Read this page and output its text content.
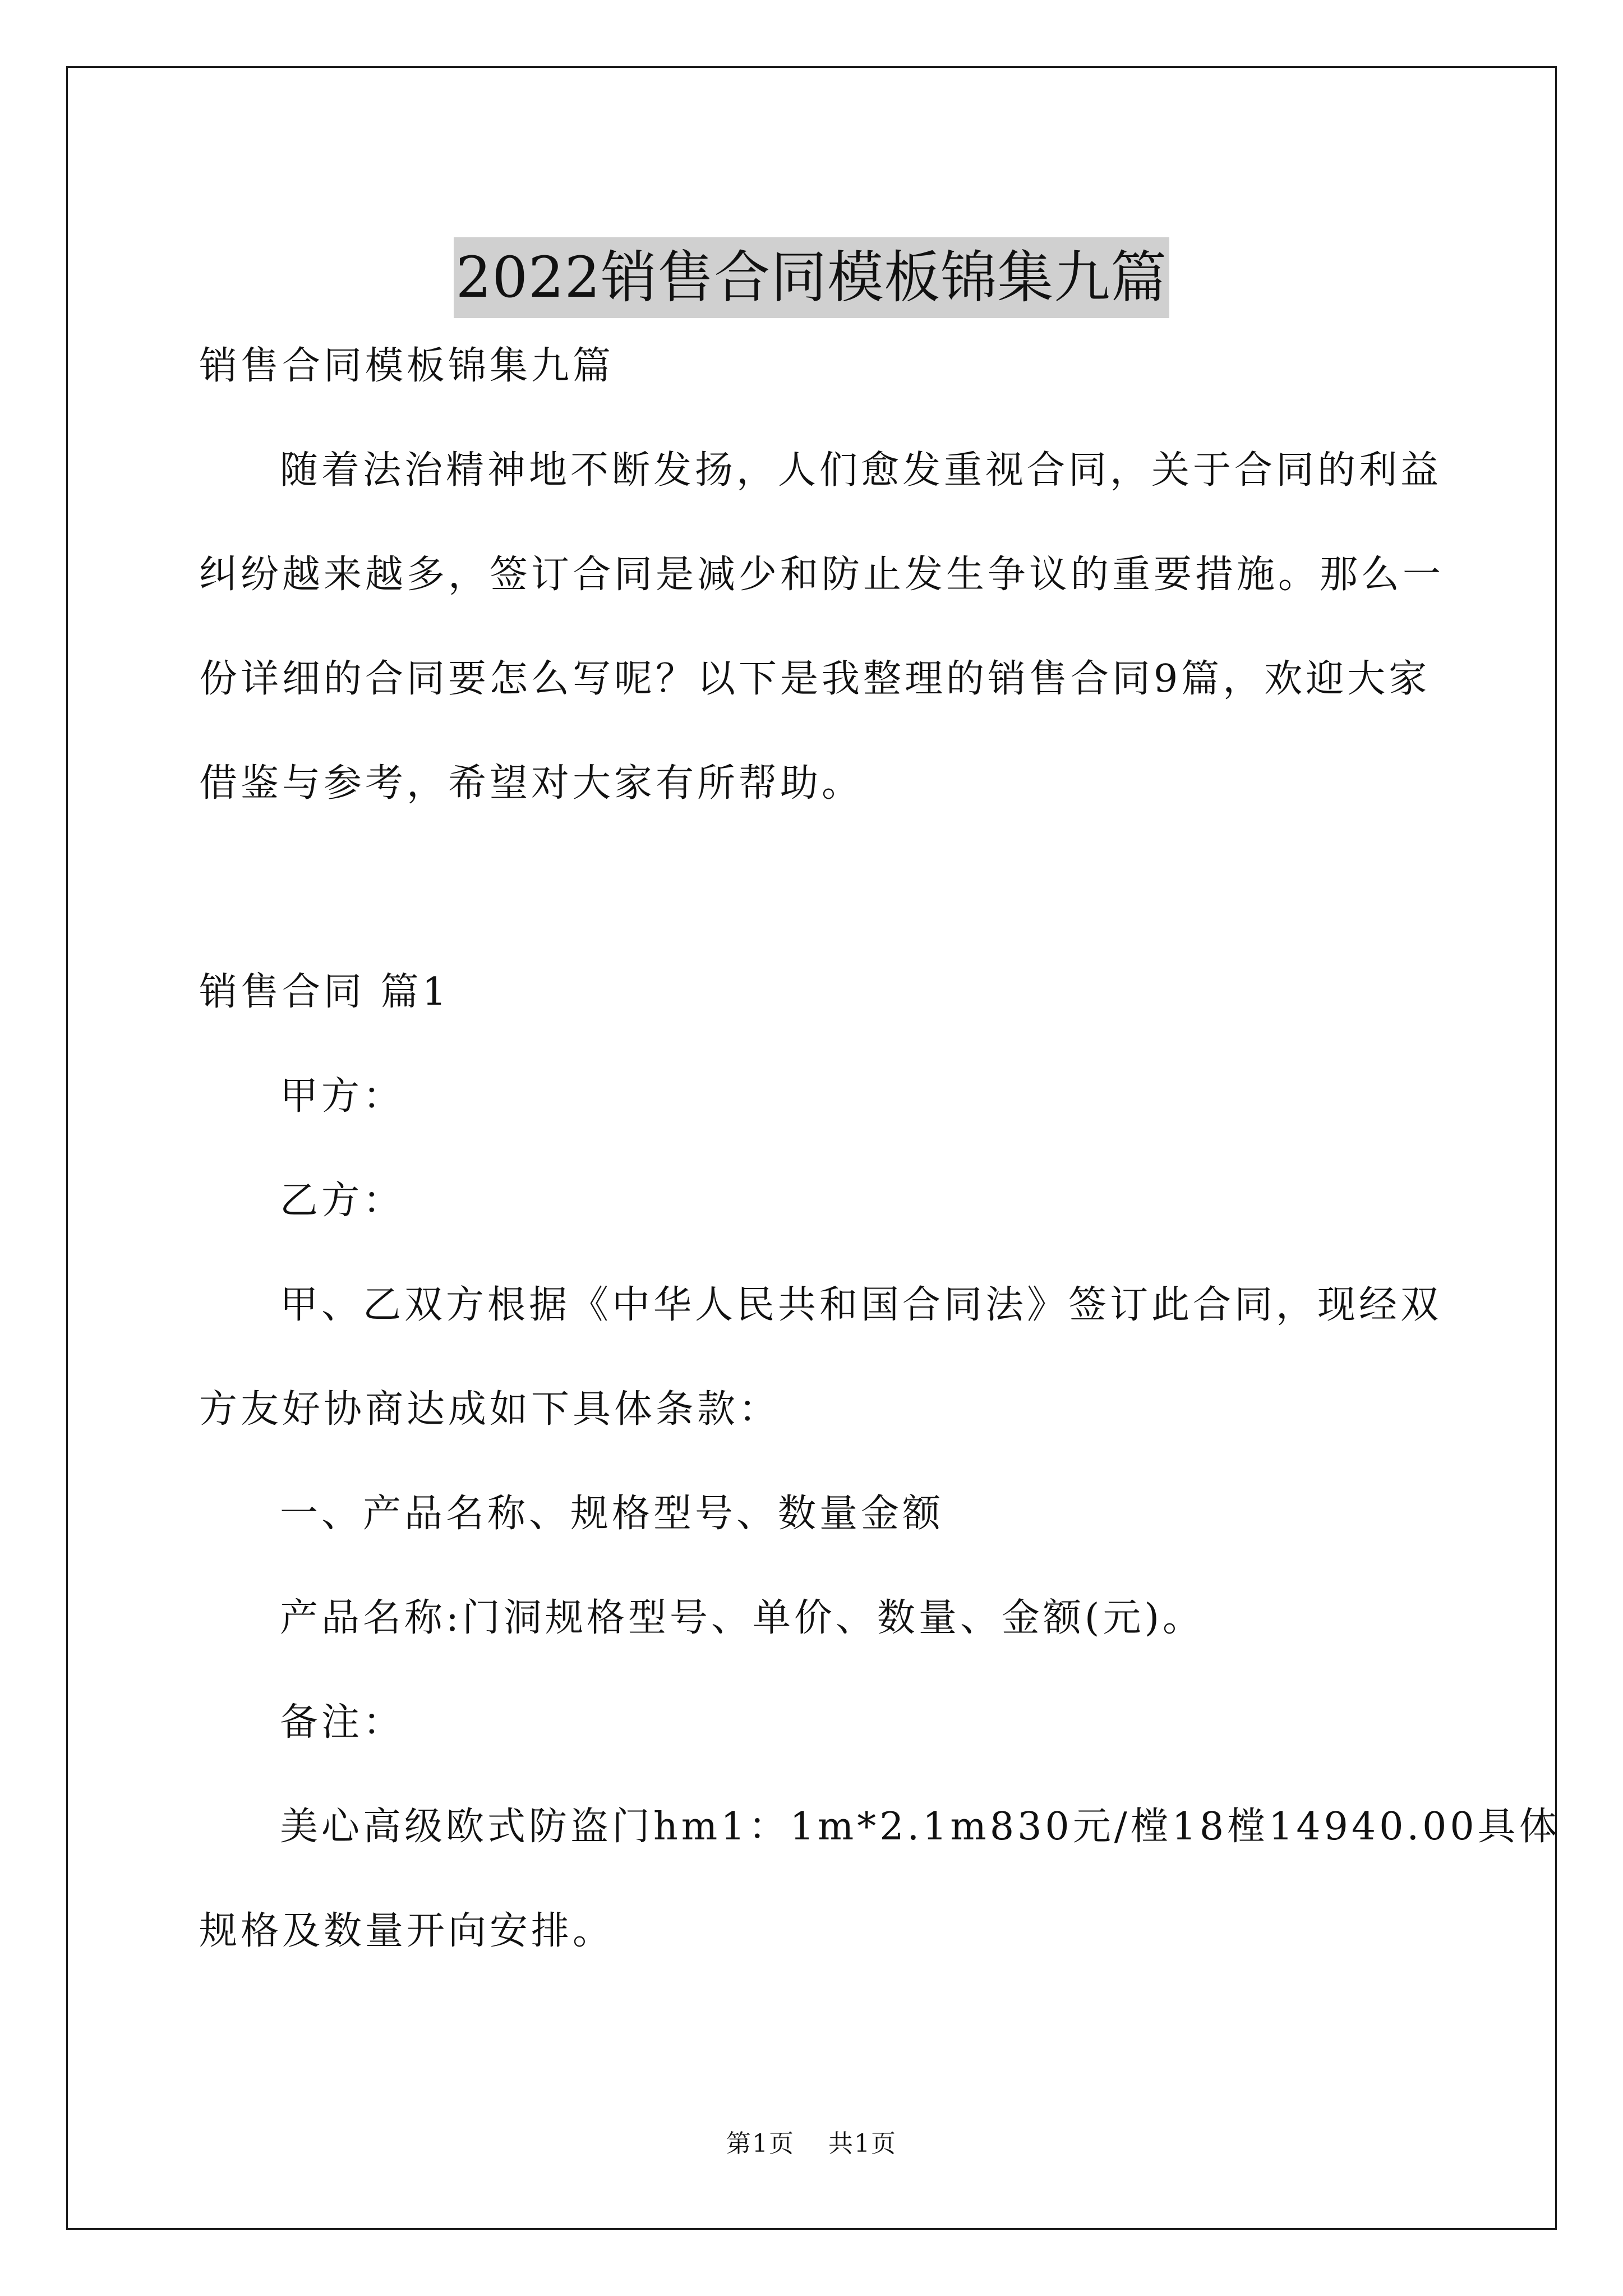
2022销售合同模板锦集九篇

销售合同模板锦集九篇

随着法治精神地不断发扬，人们愈发重视合同，关于合同的利益

纠纷越来越多，签订合同是减少和防止发生争议的重要措施。那么一

份详细的合同要怎么写呢？以下是我整理的销售合同9篇，欢迎大家

借鉴与参考，希望对大家有所帮助。

销售合同 篇1

甲方：

乙方：

甲、乙双方根据《中华人民共和国合同法》签订此合同，现经双

方友好协商达成如下具体条款：

一、产品名称、规格型号、数量金额

产品名称:门洞规格型号、单价、数量、金额(元)。

备注：

美心高级欧式防盗门hm1：1m*2.1m830元/樘18樘14940.00具体

规格及数量开向安排。

第1页 共1页
